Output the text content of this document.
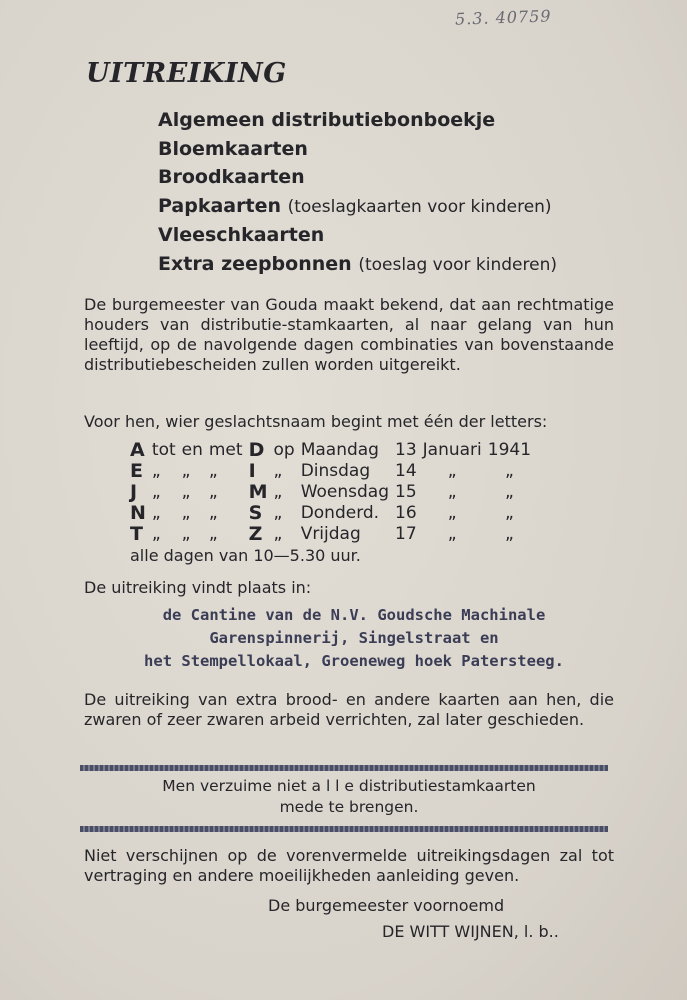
5.3. 40759
UITREIKING
Algemeen distributiebonboekje
Bloemkaarten
Broodkaarten
Papkaarten (toeslagkaarten voor kinderen)
Vleeschkaarten
Extra zeepbonnen (toeslag voor kinderen)
De burgemeester van Gouda maakt bekend, dat aan rechtmatige houders van distributie-stamkaarten, al naar gelang van hun leeftijd, op de navolgende dagen combinaties van bovenstaande distributiebescheiden zullen worden uitgereikt.
Voor hen, wier geslachtsnaam begint met één der letters:
A	tot	en	met	D	op	Maandag	13	Januari	1941
E	„	„	„	I	„	Dinsdag	14	„	„
J	„	„	„	M	„	Woensdag	15	„	„
N	„	„	„	S	„	Donderd.	16	„	„
T	„	„	„	Z	„	Vrijdag	17	„	„
alle dagen van 10—5.30 uur.
De uitreiking vindt plaats in:
de Cantine van de N.V. Goudsche Machinale
Garenspinnerij, Singelstraat en
het Stempellokaal, Groeneweg hoek Patersteeg.
De uitreiking van extra brood- en andere kaarten aan hen, die zwaren of zeer zwaren arbeid verrichten, zal later geschieden.
Men verzuime niet a l l e distributiestamkaarten
mede te brengen.
Niet verschijnen op de vorenvermelde uitreikingsdagen zal tot vertraging en andere moeilijkheden aanleiding geven.
De burgemeester voornoemd
DE WITT WIJNEN, l. b..
